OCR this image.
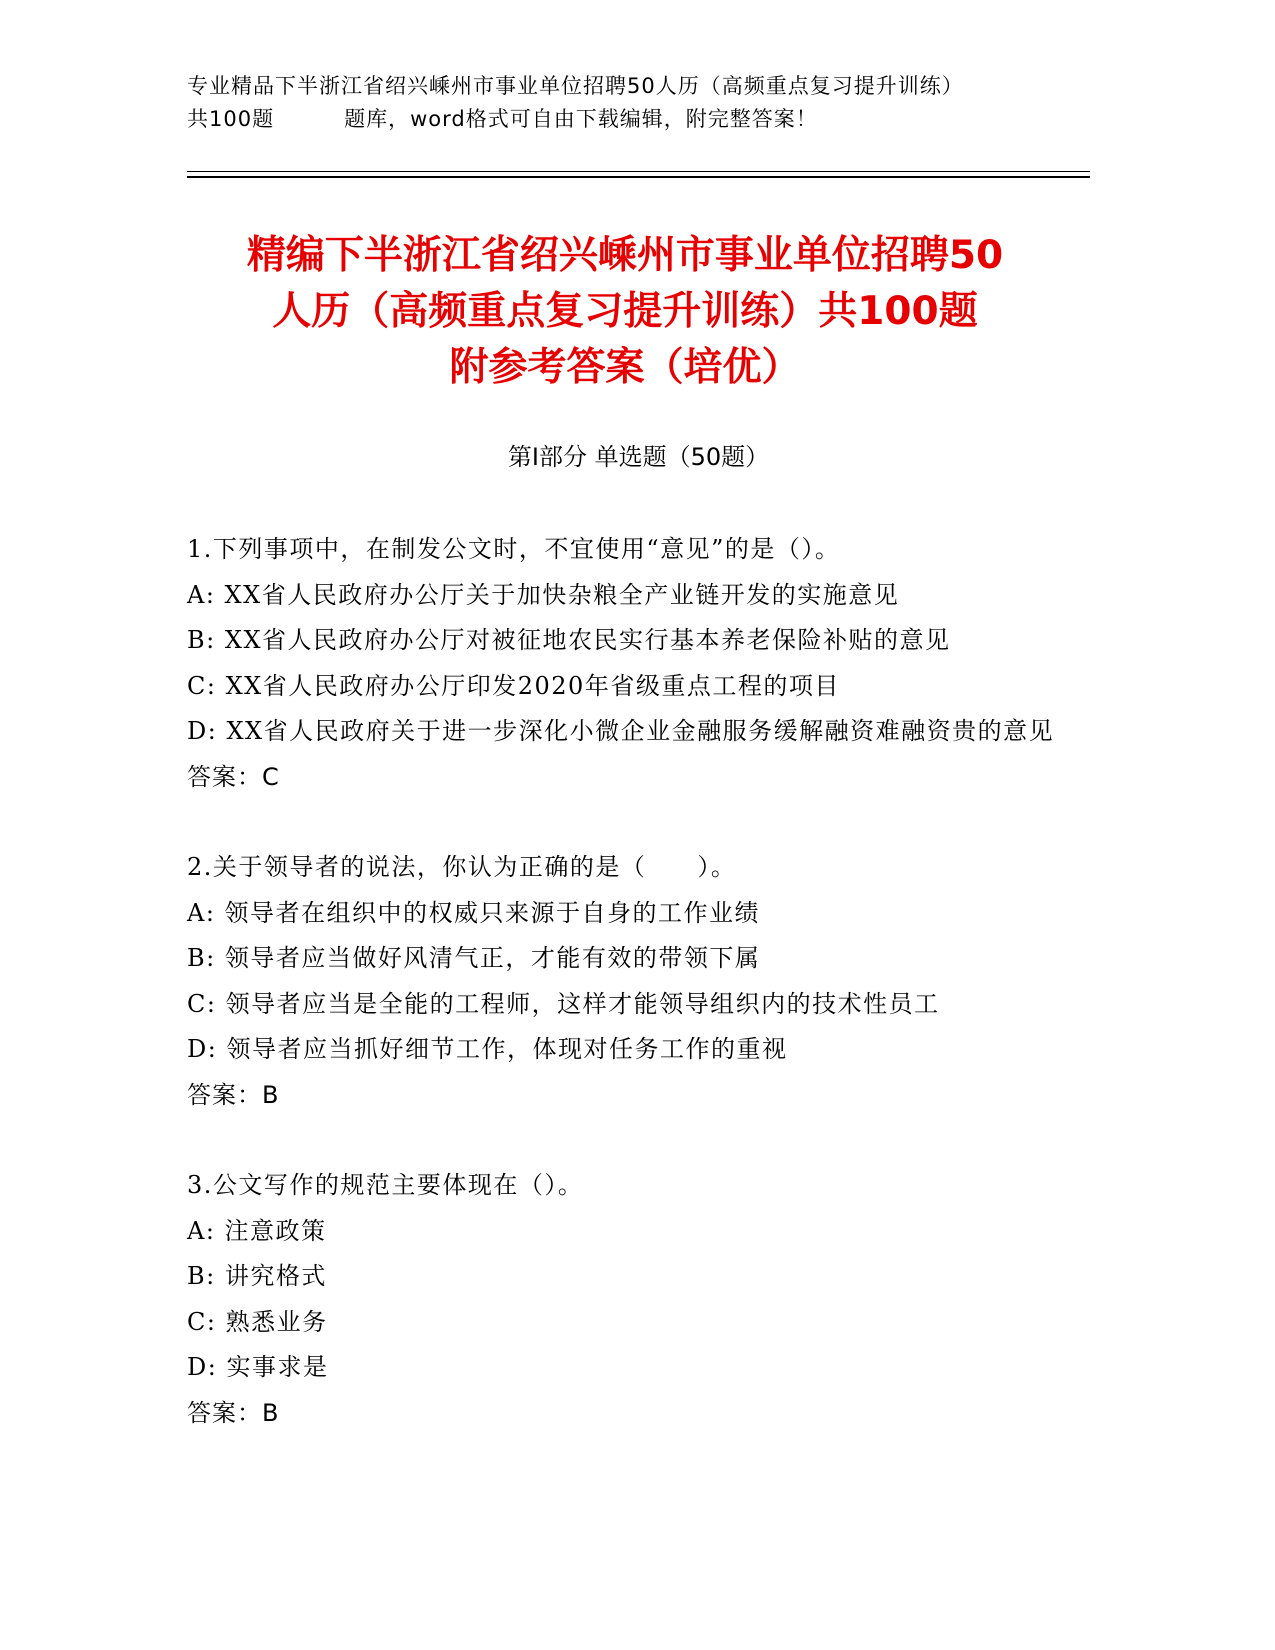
专业精品下半浙江省绍兴嵊州市事业单位招聘50人历（高频重点复习提升训练）
共100题	题库，word格式可自由下载编辑，附完整答案！
精编下半浙江省绍兴嵊州市事业单位招聘50
人历（高频重点复习提升训练）共100题
附参考答案（培优）
第Ⅰ部分 单选题（50题）
1.下列事项中，在制发公文时，不宜使用“意见”的是（）。
A: XX省人民政府办公厅关于加快杂粮全产业链开发的实施意见
B: XX省人民政府办公厅对被征地农民实行基本养老保险补贴的意见
C: XX省人民政府办公厅印发2020年省级重点工程的项目
D: XX省人民政府关于进一步深化小微企业金融服务缓解融资难融资贵的意见
答案：C
2.关于领导者的说法，你认为正确的是（　　）。
A: 领导者在组织中的权威只来源于自身的工作业绩
B: 领导者应当做好风清气正，才能有效的带领下属
C: 领导者应当是全能的工程师，这样才能领导组织内的技术性员工
D: 领导者应当抓好细节工作，体现对任务工作的重视
答案：B
3.公文写作的规范主要体现在（）。
A: 注意政策
B: 讲究格式
C: 熟悉业务
D: 实事求是
答案：B
